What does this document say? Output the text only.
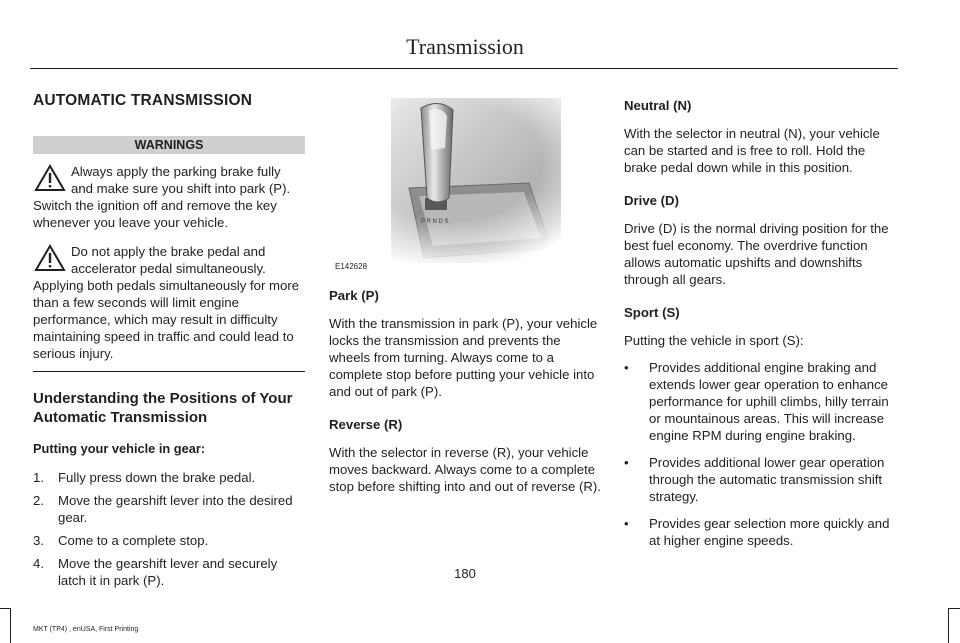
Transmission

AUTOMATIC TRANSMISSION

WARNINGS

Always apply the parking brake fully and make sure you shift into park (P). Switch the ignition off and remove the key whenever you leave your vehicle.

Do not apply the brake pedal and accelerator pedal simultaneously. Applying both pedals simultaneously for more than a few seconds will limit engine performance, which may result in difficulty maintaining speed in traffic and could lead to serious injury.

Understanding the Positions of Your Automatic Transmission

Putting your vehicle in gear:

1. Fully press down the brake pedal.
2. Move the gearshift lever into the desired gear.
3. Come to a complete stop.
4. Move the gearshift lever and securely latch it in park (P).
E142628

Park (P)

With the transmission in park (P), your vehicle locks the transmission and prevents the wheels from turning. Always come to a complete stop before putting your vehicle into and out of park (P).

Reverse (R)

With the selector in reverse (R), your vehicle moves backward. Always come to a complete stop before shifting into and out of reverse (R).

Neutral (N)

With the selector in neutral (N), your vehicle can be started and is free to roll. Hold the brake pedal down while in this position.

Drive (D)

Drive (D) is the normal driving position for the best fuel economy. The overdrive function allows automatic upshifts and downshifts through all gears.

Sport (S)

Putting the vehicle in sport (S):

• Provides additional engine braking and extends lower gear operation to enhance performance for uphill climbs, hilly terrain or mountainous areas. This will increase engine RPM during engine braking.
• Provides additional lower gear operation through the automatic transmission shift strategy.
• Provides gear selection more quickly and at higher engine speeds.
180
MKT (TP4) , enUSA, First Printing
